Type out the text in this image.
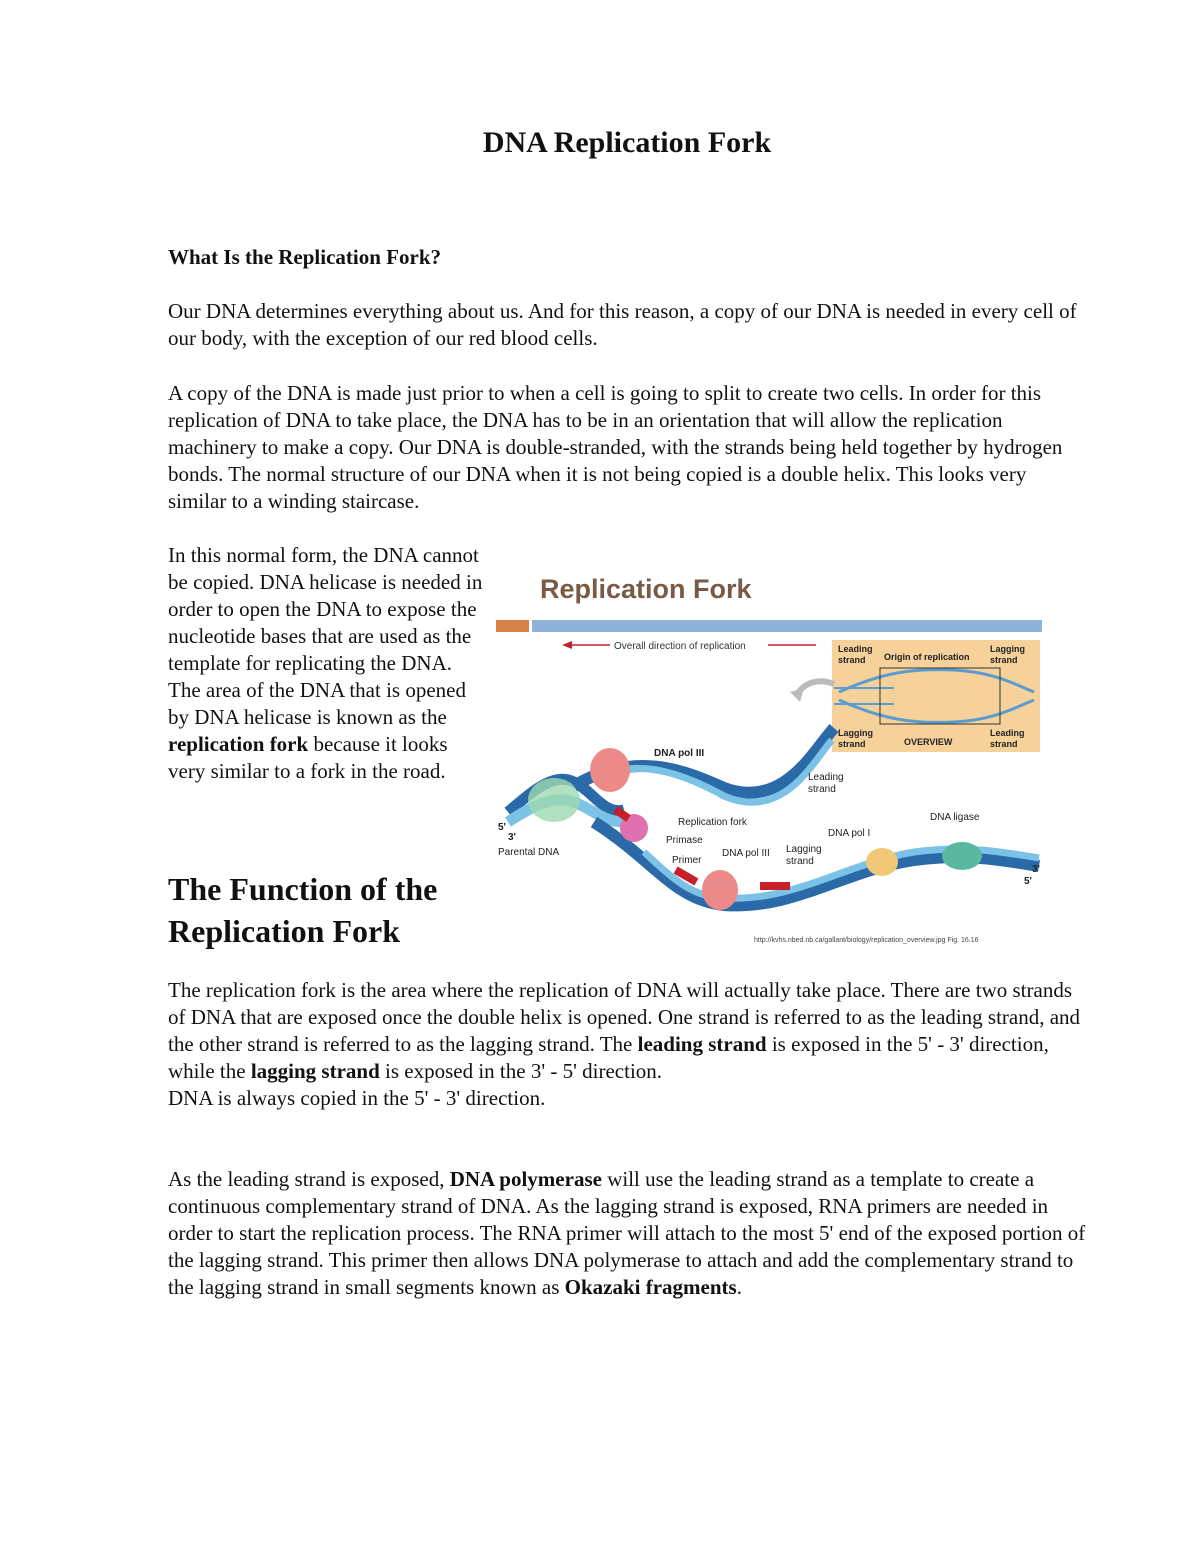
DNA Replication Fork
What Is the Replication Fork?

Our DNA determines everything about us. And for this reason, a copy of our DNA is needed in every cell of our body, with the exception of our red blood cells.

A copy of the DNA is made just prior to when a cell is going to split to create two cells. In order for this replication of DNA to take place, the DNA has to be in an orientation that will allow the replication machinery to make a copy. Our DNA is double-stranded, with the strands being held together by hydrogen bonds. The normal structure of our DNA when it is not being copied is a double helix. This looks very similar to a winding staircase.

In this normal form, the DNA cannot be copied. DNA helicase is needed in order to open the DNA to expose the nucleotide bases that are used as the template for replicating the DNA. The area of the DNA that is opened by DNA helicase is known as the replication fork because it looks very similar to a fork in the road.

Replication Fork
Overall direction of replication	Leading strand	Origin of replication
Lagging strand
Lagging strand	OVERVIEW
Leading strand
DNA pol III
Leading strand
Replication fork
Primase
Primer
DNA pol III Lagging strand
DNA pol I
DNA ligase
Parental DNA
5'
3'
3'
5'
http://kvhs.nbed.nb.ca/gallant/biology/replication_overview.jpg Fig. 16.16
The Function of the Replication Fork

The replication fork is the area where the replication of DNA will actually take place. There are two strands of DNA that are exposed once the double helix is opened. One strand is referred to as the leading strand, and the other strand is referred to as the lagging strand. The leading strand is exposed in the 5' - 3' direction, while the lagging strand is exposed in the 3' - 5' direction.
DNA is always copied in the 5' - 3' direction.

As the leading strand is exposed, DNA polymerase will use the leading strand as a template to create a continuous complementary strand of DNA. As the lagging strand is exposed, RNA primers are needed in order to start the replication process. The RNA primer will attach to the most 5' end of the exposed portion of the lagging strand. This primer then allows DNA polymerase to attach and add the complementary strand to the lagging strand in small segments known as Okazaki fragments.
